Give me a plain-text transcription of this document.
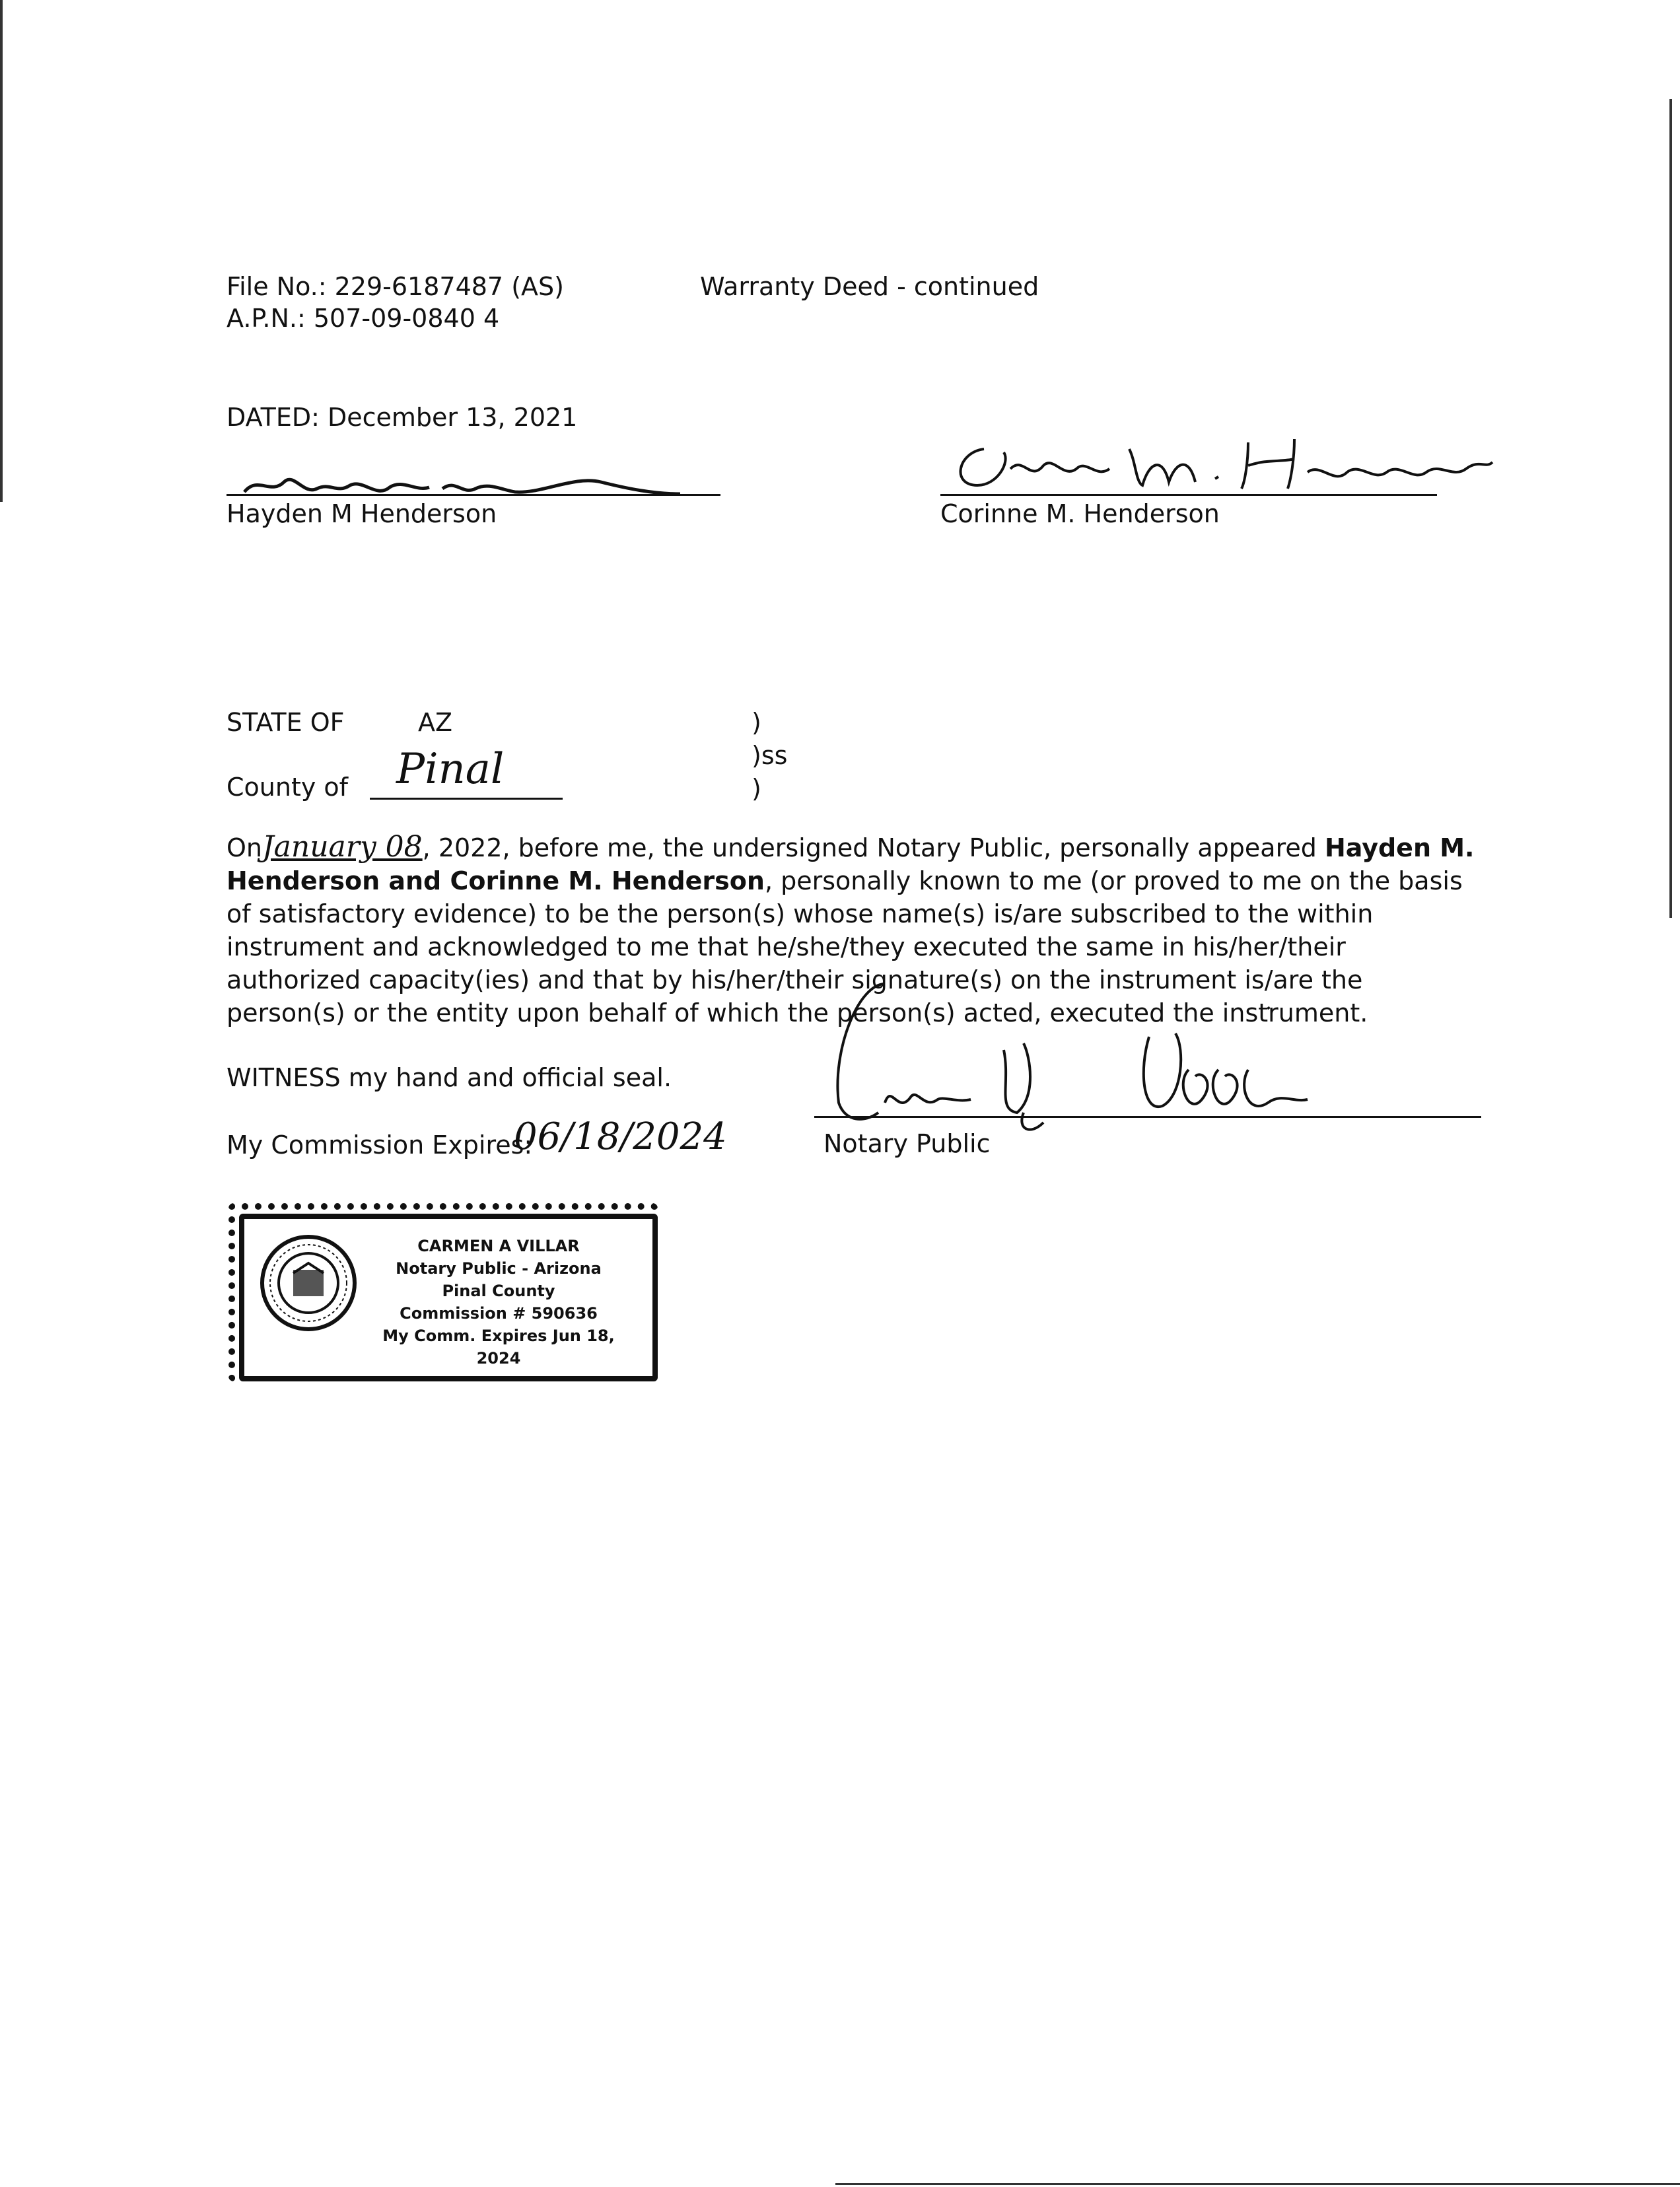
File No.: 229-6187487 (AS)
A.P.N.: 507-09-0840 4
Warranty Deed - continued
DATED: December 13, 2021
Hayden M Henderson	Corinne M. Henderson
STATE OF	AZ
County of Pinal
)
)ss
)
OnJanuary 08, 2022, before me, the undersigned Notary Public, personally appeared Hayden M. Henderson and Corinne M. Henderson, personally known to me (or proved to me on the basis of satisfactory evidence) to be the person(s) whose name(s) is/are subscribed to the within instrument and acknowledged to me that he/she/they executed the same in his/her/their authorized capacity(ies) and that by his/her/their signature(s) on the instrument is/are the person(s) or the entity upon behalf of which the person(s) acted, executed the instrument.
WITNESS my hand and official seal.
My Commission Expires:
06/18/2024	Notary Public
CARMEN A VILLAR
Notary Public - Arizona
Pinal County
Commission # 590636
My Comm. Expires Jun 18, 2024
